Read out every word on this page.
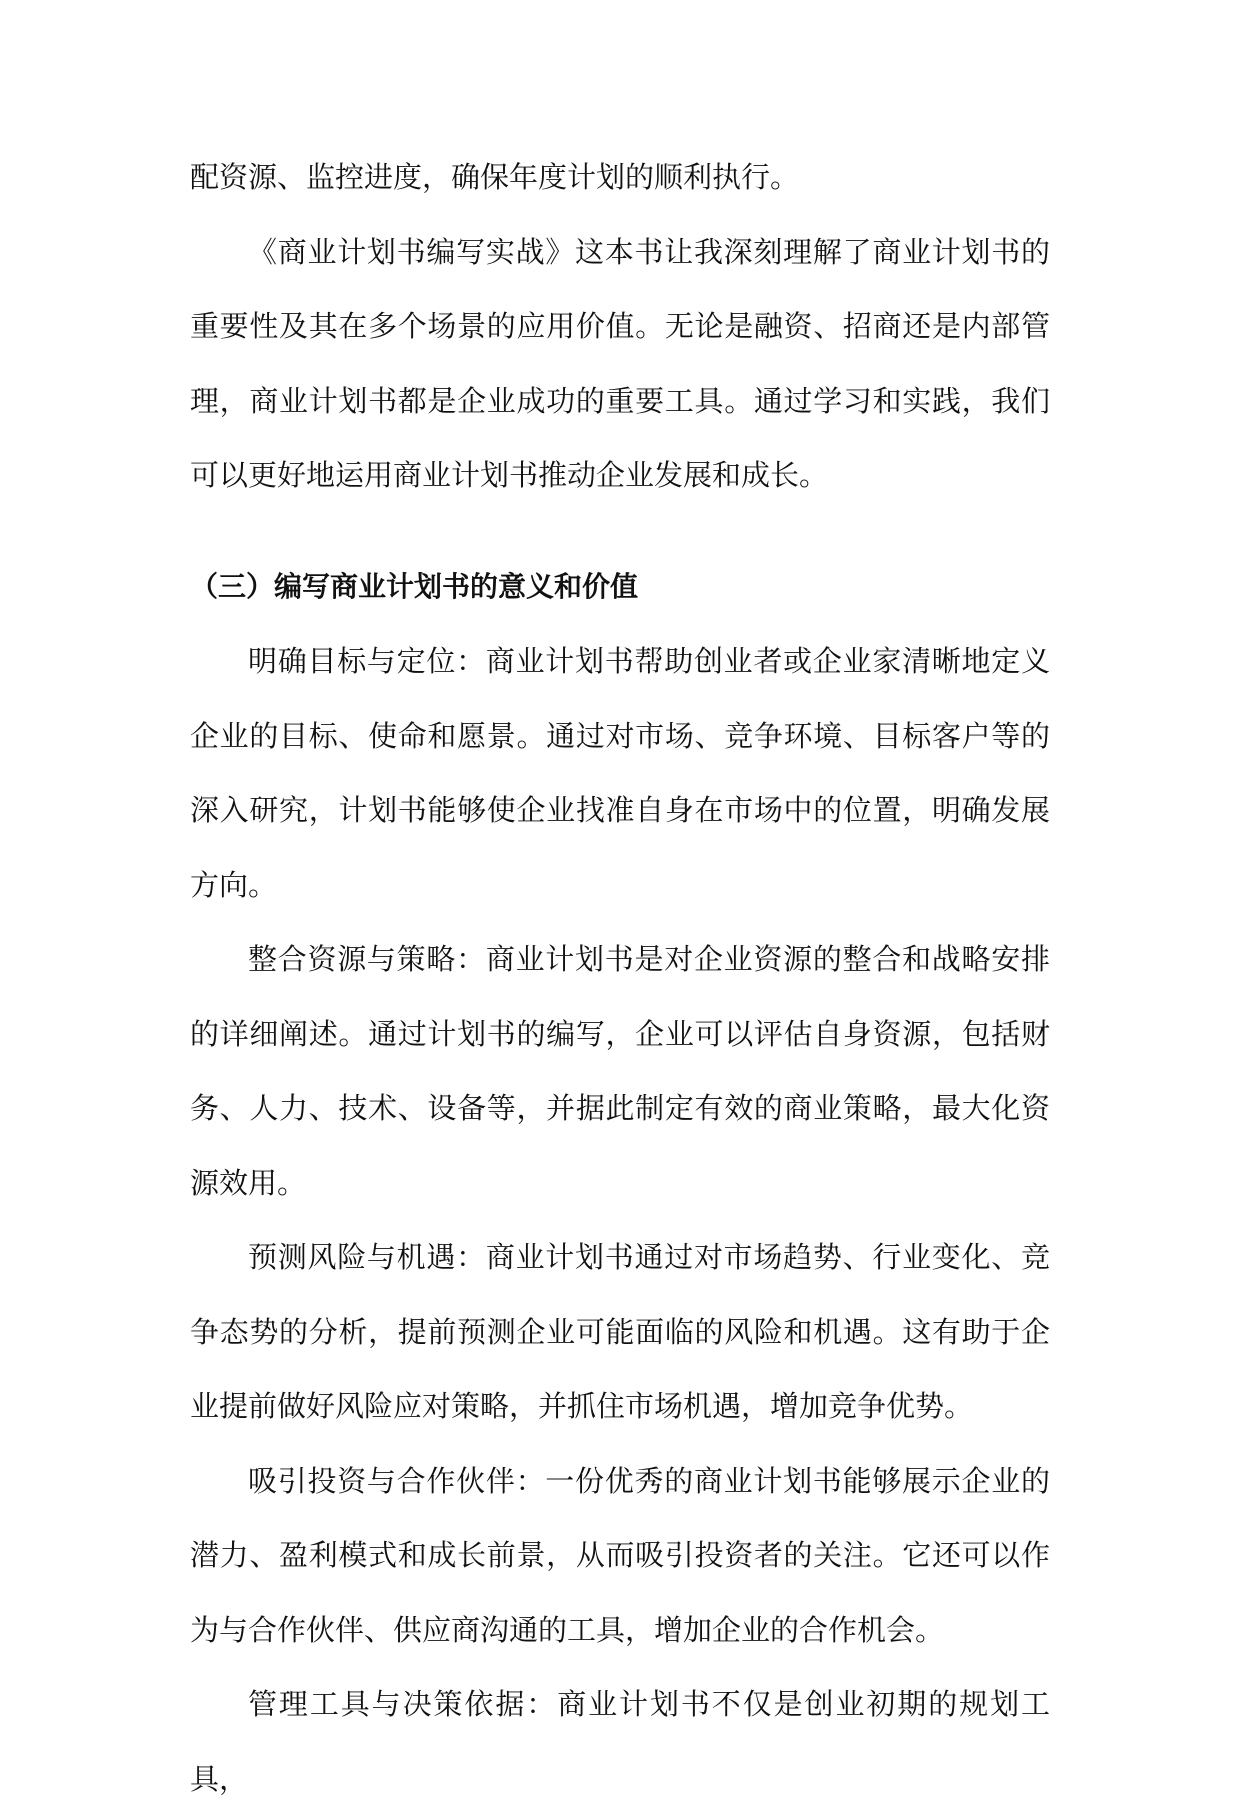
配资源、监控进度，确保年度计划的顺利执行。

《商业计划书编写实战》这本书让我深刻理解了商业计划书的重要性及其在多个场景的应用价值。无论是融资、招商还是内部管理，商业计划书都是企业成功的重要工具。通过学习和实践，我们可以更好地运用商业计划书推动企业发展和成长。

（三）编写商业计划书的意义和价值

明确目标与定位：商业计划书帮助创业者或企业家清晰地定义企业的目标、使命和愿景。通过对市场、竞争环境、目标客户等的深入研究，计划书能够使企业找准自身在市场中的位置，明确发展方向。

整合资源与策略：商业计划书是对企业资源的整合和战略安排的详细阐述。通过计划书的编写，企业可以评估自身资源，包括财务、人力、技术、设备等，并据此制定有效的商业策略，最大化资源效用。

预测风险与机遇：商业计划书通过对市场趋势、行业变化、竞争态势的分析，提前预测企业可能面临的风险和机遇。这有助于企业提前做好风险应对策略，并抓住市场机遇，增加竞争优势。

吸引投资与合作伙伴：一份优秀的商业计划书能够展示企业的潜力、盈利模式和成长前景，从而吸引投资者的关注。它还可以作为与合作伙伴、供应商沟通的工具，增加企业的合作机会。

管理工具与决策依据：商业计划书不仅是创业初期的规划工具，
